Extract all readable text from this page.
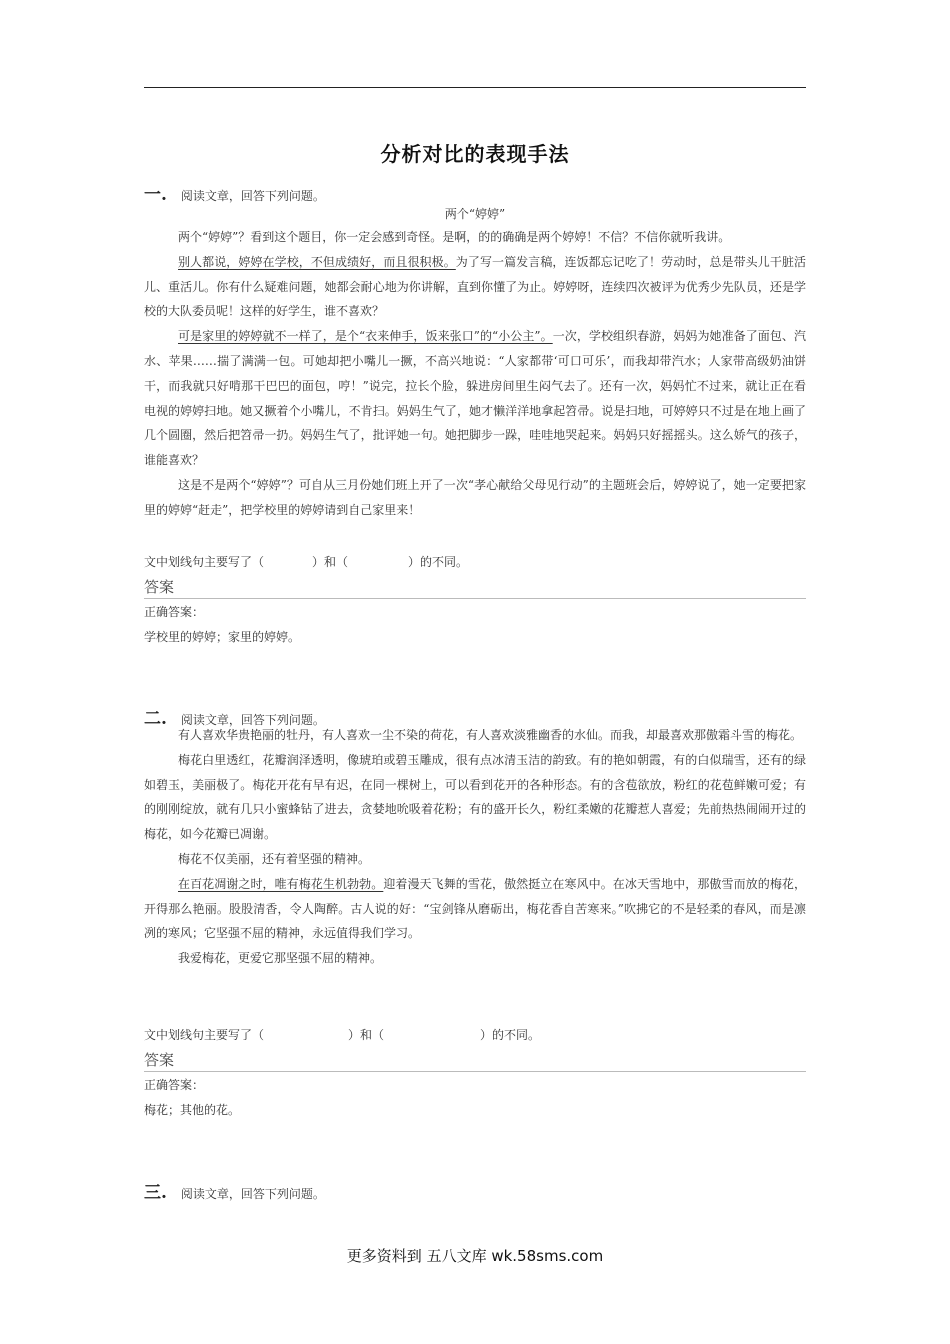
分析对比的表现手法
一. 阅读文章，回答下列问题。
两个“婷婷”

两个“婷婷”？看到这个题目，你一定会感到奇怪。是啊，的的确确是两个婷婷！不信？不信你就听我讲。

别人都说，婷婷在学校，不但成绩好，而且很积极。为了写一篇发言稿，连饭都忘记吃了！劳动时，总是带头儿干脏活儿、重活儿。你有什么疑难问题，她都会耐心地为你讲解，直到你懂了为止。婷婷呀，连续四次被评为优秀少先队员，还是学校的大队委员呢！这样的好学生，谁不喜欢？

可是家里的婷婷就不一样了，是个“衣来伸手，饭来张口”的“小公主”。一次，学校组织春游，妈妈为她准备了面包、汽水、苹果……揣了满满一包。可她却把小嘴儿一撅，不高兴地说：“人家都带‘可口可乐’，而我却带汽水；人家带高级奶油饼干，而我就只好啃那干巴巴的面包，哼！”说完，拉长个脸，躲进房间里生闷气去了。还有一次，妈妈忙不过来，就让正在看电视的婷婷扫地。她又撅着个小嘴儿，不肯扫。妈妈生气了，她才懒洋洋地拿起笤帚。说是扫地，可婷婷只不过是在地上画了几个圆圈，然后把笤帚一扔。妈妈生气了，批评她一句。她把脚步一跺，哇哇地哭起来。妈妈只好摇摇头。这么娇气的孩子，谁能喜欢？

这是不是两个“婷婷”？可自从三月份她们班上开了一次“孝心献给父母见行动”的主题班会后，婷婷说了，她一定要把家里的婷婷“赶走”，把学校里的婷婷请到自己家里来！

文中划线句主要写了（　　　　）和（　　　　　）的不同。
答案
正确答案：
学校里的婷婷；家里的婷婷。
二. 阅读文章，回答下列问题。

有人喜欢华贵艳丽的牡丹，有人喜欢一尘不染的荷花，有人喜欢淡雅幽香的水仙。而我，却最喜欢那傲霜斗雪的梅花。

梅花白里透红，花瓣润泽透明，像琥珀或碧玉雕成，很有点冰清玉洁的韵致。有的艳如朝霞，有的白似瑞雪，还有的绿如碧玉，美丽极了。梅花开花有早有迟，在同一棵树上，可以看到花开的各种形态。有的含苞欲放，粉红的花苞鲜嫩可爱；有的刚刚绽放，就有几只小蜜蜂钻了进去，贪婪地吮吸着花粉；有的盛开长久，粉红柔嫩的花瓣惹人喜爱；先前热热闹闹开过的梅花，如今花瓣已凋谢。

梅花不仅美丽，还有着坚强的精神。

在百花凋谢之时，唯有梅花生机勃勃。迎着漫天飞舞的雪花，傲然挺立在寒风中。在冰天雪地中，那傲雪而放的梅花，开得那么艳丽。股股清香，令人陶醉。古人说的好：“宝剑锋从磨砺出，梅花香自苦寒来。”吹拂它的不是轻柔的春风，而是凛冽的寒风；它坚强不屈的精神，永远值得我们学习。

我爱梅花，更爱它那坚强不屈的精神。

文中划线句主要写了（　　　　　　　）和（　　　　　　　　）的不同。
答案
正确答案：
梅花；其他的花。
三. 阅读文章，回答下列问题。
更多资料到 五八文库 wk.58sms.com
